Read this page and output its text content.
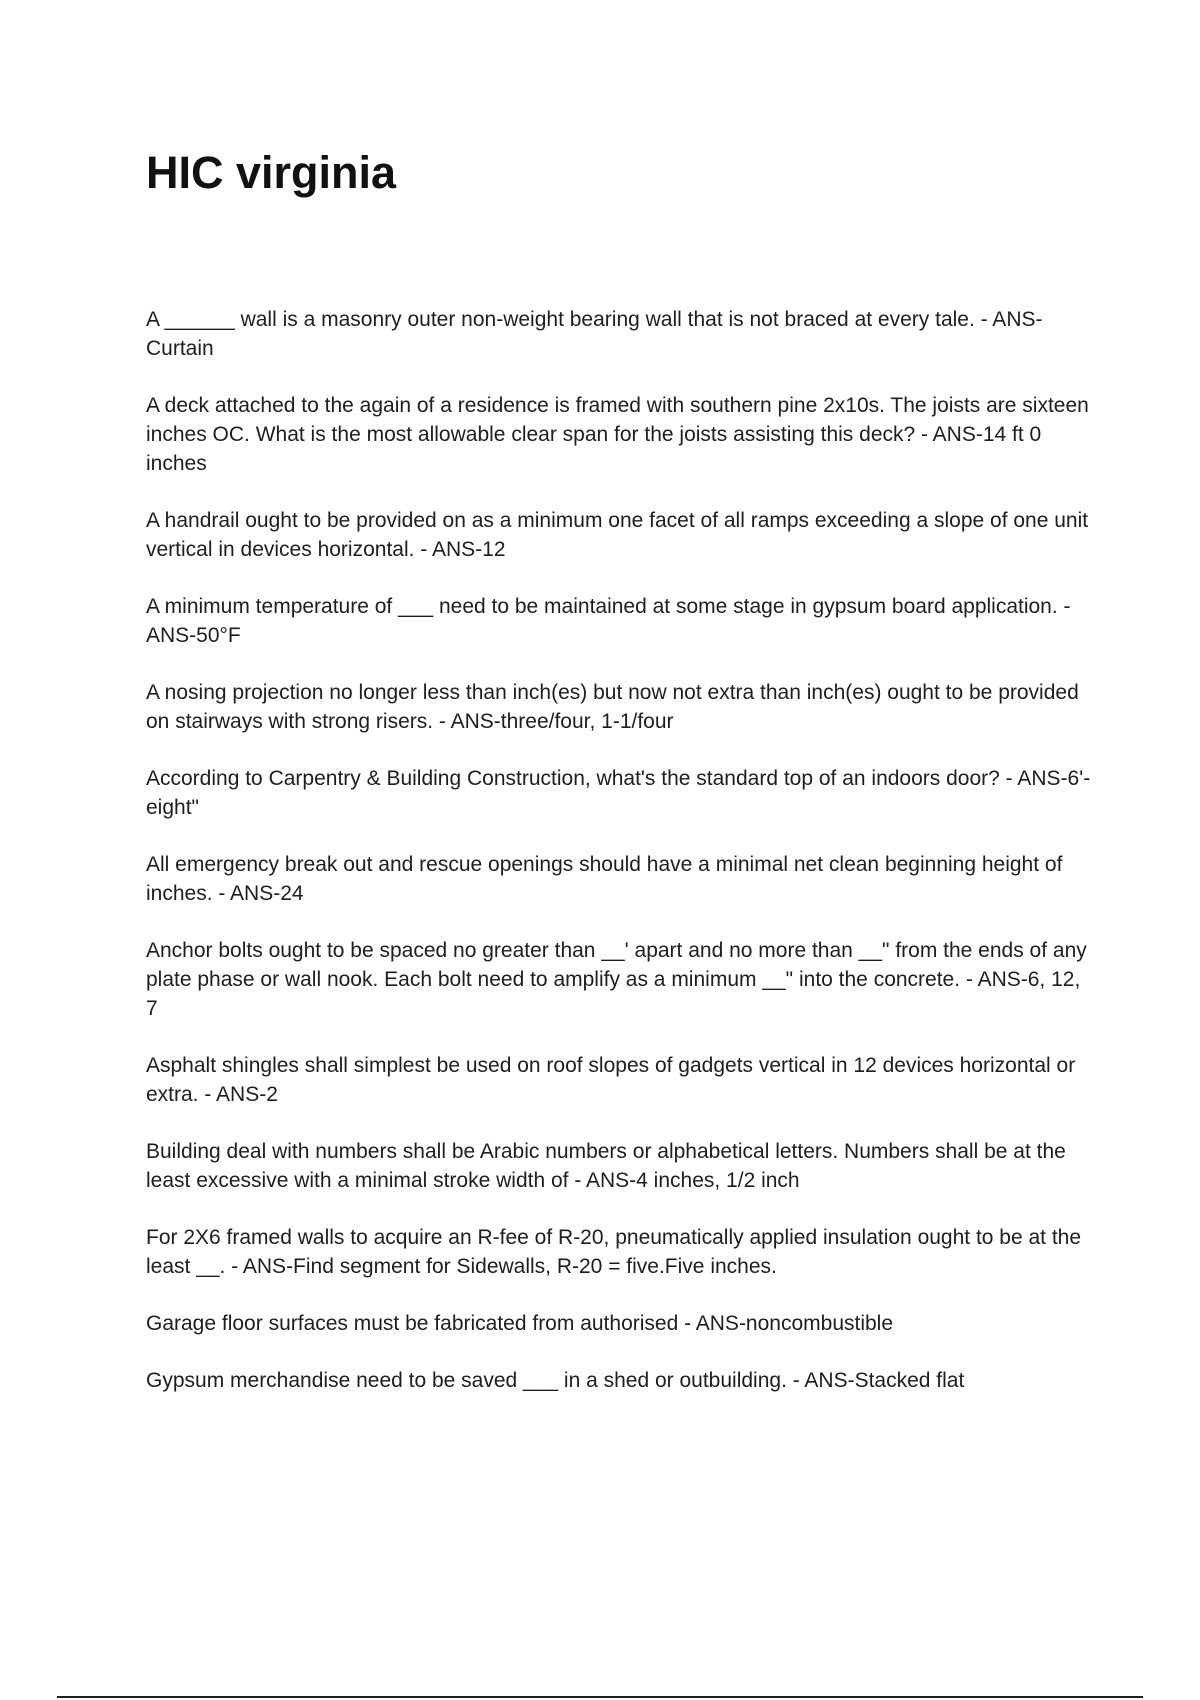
HIC virginia
A ______ wall is a masonry outer non-weight bearing wall that is not braced at every tale. - ANS-Curtain
A deck attached to the again of a residence is framed with southern pine 2x10s. The joists are sixteen inches OC. What is the most allowable clear span for the joists assisting this deck? - ANS-14 ft 0 inches
A handrail ought to be provided on as a minimum one facet of all ramps exceeding a slope of one unit vertical in devices horizontal. - ANS-12
A minimum temperature of ___ need to be maintained at some stage in gypsum board application. - ANS-50°F
A nosing projection no longer less than inch(es) but now not extra than inch(es) ought to be provided on stairways with strong risers. - ANS-three/four, 1-1/four
According to Carpentry & Building Construction, what's the standard top of an indoors door? - ANS-6'-eight"
All emergency break out and rescue openings should have a minimal net clean beginning height of inches. - ANS-24
Anchor bolts ought to be spaced no greater than __' apart and no more than __" from the ends of any plate phase or wall nook. Each bolt need to amplify as a minimum __" into the concrete. - ANS-6, 12, 7
Asphalt shingles shall simplest be used on roof slopes of gadgets vertical in 12 devices horizontal or extra. - ANS-2
Building deal with numbers shall be Arabic numbers or alphabetical letters. Numbers shall be at the least excessive with a minimal stroke width of - ANS-4 inches, 1/2 inch
For 2X6 framed walls to acquire an R-fee of R-20, pneumatically applied insulation ought to be at the least __. - ANS-Find segment for Sidewalls, R-20 = five.Five inches.
Garage floor surfaces must be fabricated from authorised - ANS-noncombustible
Gypsum merchandise need to be saved ___ in a shed or outbuilding. - ANS-Stacked flat
